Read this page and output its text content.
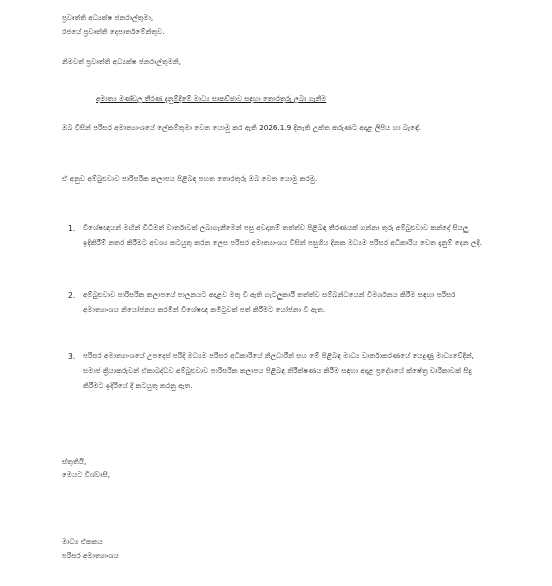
ප්‍රවෘත්ති අධ්‍යක්ෂ ජනරාල්තුමා,
රජයේ ප්‍රවෘත්ති දෙපාර්තමේන්තුව.
නිමවත් ප්‍රවෘත්ති අධ්‍යක්ෂ ජනරාල්තුමනි,
අමාත්‍ය මණ්ඩල තීරණ දැනුම්දීමේ මාධ්‍ය සාකච්ඡාව සඳහා තොරතුරු ලබා ගැනීම
ඔබ විසින් පරිසර අමාත්‍යාංශයේ ලේකම්තුමා වෙත යොමු කර ඇති 2026.1.9 දිනැති උක්ත කරුණට අදාළ ලිපිය හා බැඳේ.
ඒ අනුව අම්බුළුවාව පාරිසරික කලාපය පිළිබඳ පහත තොරතුරු ඔබ වෙත යොමු කරමු.
1. විශේෂඥයන් මඟින් විධිමත් වාර්තාවක් ලබාගැනීමෙන් පසු අවදානම් තත්ත්ව පිළිබඳ තීරණයක් ගන්නා තුරු අම්බුළුවාව කන්දේ සියලු ඉදිකිරීම් නතර කිරීමට අවශ්‍ය කටයුතු කරන ලෙස පරිසර අමාත්‍යාංශය විසින් පසුගිය දිනක මධ්‍යම පරිසර අධිකාරිය වෙත දැනුම් දෙන ලදී.
2. අම්බුළුවාව පාරිසරික කලාපයේ පාලනයට අදාළව මතු වී ඇති ගැටලුකාරී තත්ත්ව සම්බන්ධයෙන් විමර්ශනය කිරීම සඳහා පරිසර අමාත්‍යාංශය නියෝජනය කරමින් විශේෂඥ කමිටුවක් පත් කිරීමට යෝජනා වී ඇත.
3. පරිසර අමාත්‍යාංශයේ උපදෙස් පරිදි මධ්‍යම පරිසර අධිකාරියේ නිලධාරීන් සහ මේ පිළිබඳ මාධ්‍ය වාර්තාකරණයේ යෙදුණු මාධ්‍යවේදීන්, සමාජ ක්‍රියාකරුවන් ඒකාබද්ධව අම්බුළුවාව පාරිසරික කලාපය පිළිබඳ නිරීක්ෂණය කිරීම සඳහා අදාළ ප්‍රදේශයේ ක්ෂේත්‍ර චාරිකාවක් සිදු කිරීමට ඉදිරියේ දී කටයුතු කරනු ඇත.
ස්තුතියි,
මෙයට විශ්වාසී,
මාධ්‍ය ඒකකය
පරිසර අමාත්‍යාංශය
